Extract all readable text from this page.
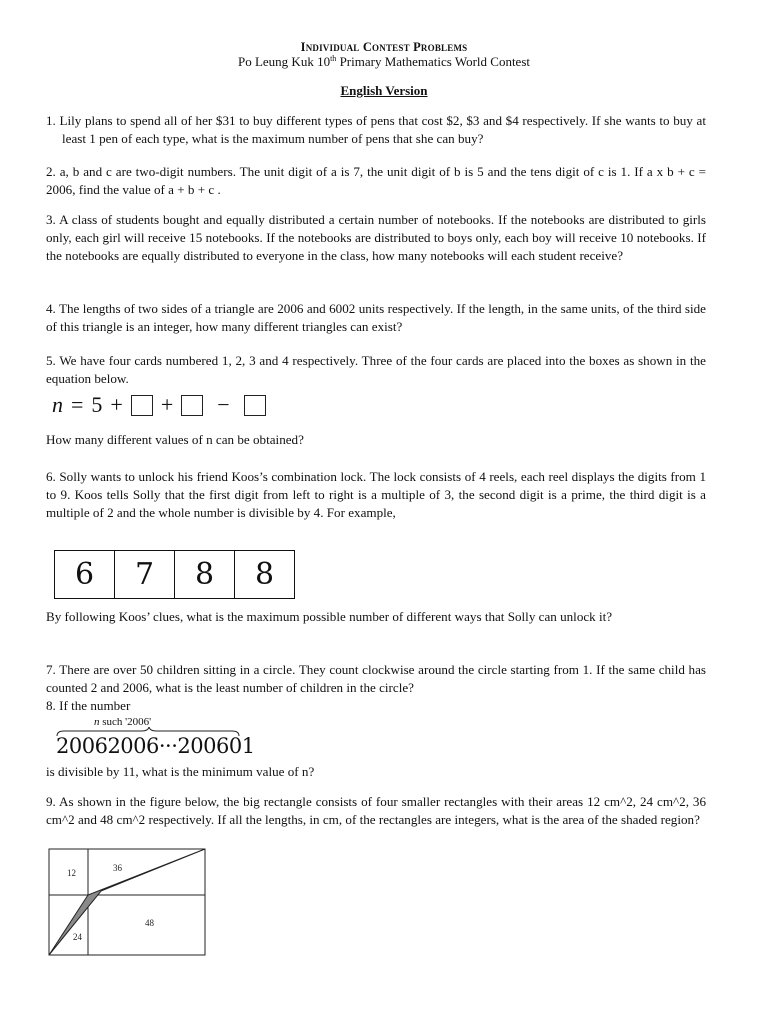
Individual Contest Problems
Po Leung Kuk 10th Primary Mathematics World Contest
English Version

1. Lily plans to spend all of her $31 to buy different types of pens that cost $2, $3 and $4 respectively. If she wants to buy at least 1 pen of each type, what is the maximum number of pens that she can buy?

2. a, b and c are two-digit numbers. The unit digit of a is 7, the unit digit of b is 5 and the tens digit of c is 1. If a x b + c = 2006, find the value of a + b + c .

3. A class of students bought and equally distributed a certain number of notebooks. If the notebooks are distributed to girls only, each girl will receive 15 notebooks. If the notebooks are distributed to boys only, each boy will receive 10 notebooks. If the notebooks are equally distributed to everyone in the class, how many notebooks will each student receive?

4. The lengths of two sides of a triangle are 2006 and 6002 units respectively. If the length, in the same units, of the third side of this triangle is an integer, how many different triangles can exist?

5. We have four cards numbered 1, 2, 3 and 4 respectively. Three of the four cards are placed into the boxes as shown in the equation below.

n = 5 + + −

How many different values of n can be obtained?

6. Solly wants to unlock his friend Koos’s combination lock. The lock consists of 4 reels, each reel displays the digits from 1 to 9. Koos tells Solly that the first digit from left to right is a multiple of 3, the second digit is a prime, the third digit is a multiple of 2 and the whole number is divisible by 4. For example,

6	7	8	8

By following Koos’ clues, what is the maximum possible number of different ways that Solly can unlock it?

7. There are over 50 children sitting in a circle. They count clockwise around the circle starting from 1. If the same child has counted 2 and 2006, what is the least number of children in the circle?

8. If the number

n such '2006'
20062006···200601

is divisible by 11, what is the minimum value of n?

9. As shown in the figure below, the big rectangle consists of four smaller rectangles with their areas 12 cm^2, 24 cm^2, 36 cm^2 and 48 cm^2 respectively. If all the lengths, in cm, of the rectangles are integers, what is the area of the shaded region?

12	36
24
48
